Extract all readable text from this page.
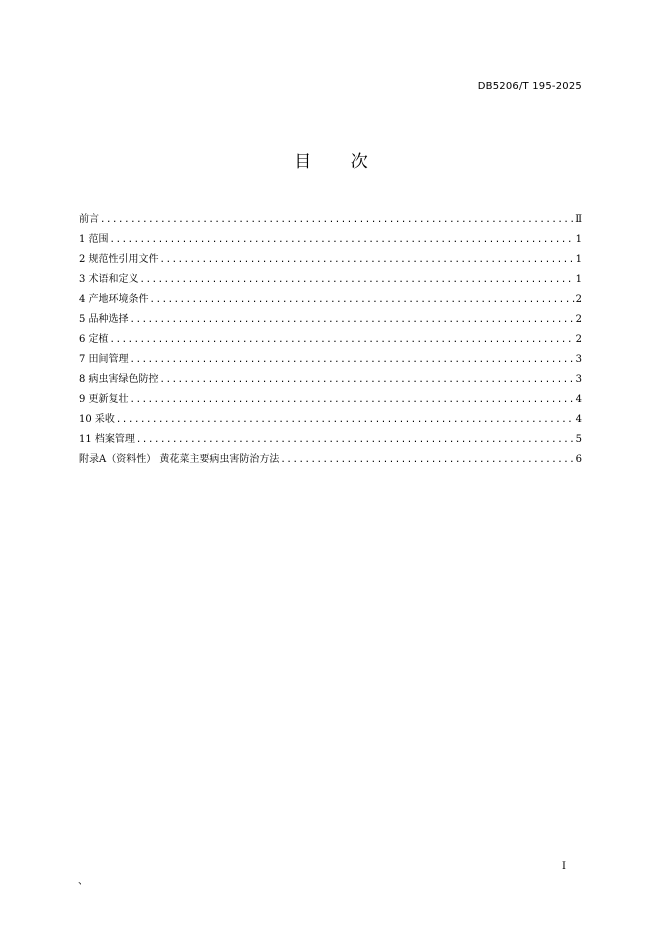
DB5206/T 195-2025
目 次
前言 .....	Ⅱ
1 范围 .....	1
2 规范性引用文件 .....	1
3 术语和定义 .....	1
4 产地环境条件 .....	2
5 品种选择 .....	2
6 定植 .....	2
7 田间管理 .....	3
8 病虫害绿色防控 .....	3
9 更新复壮 .....	4
10 采收 .....	4
11 档案管理 .....	5
附录A（资料性） 黄花菜主要病虫害防治方法 .....	6
I
、
